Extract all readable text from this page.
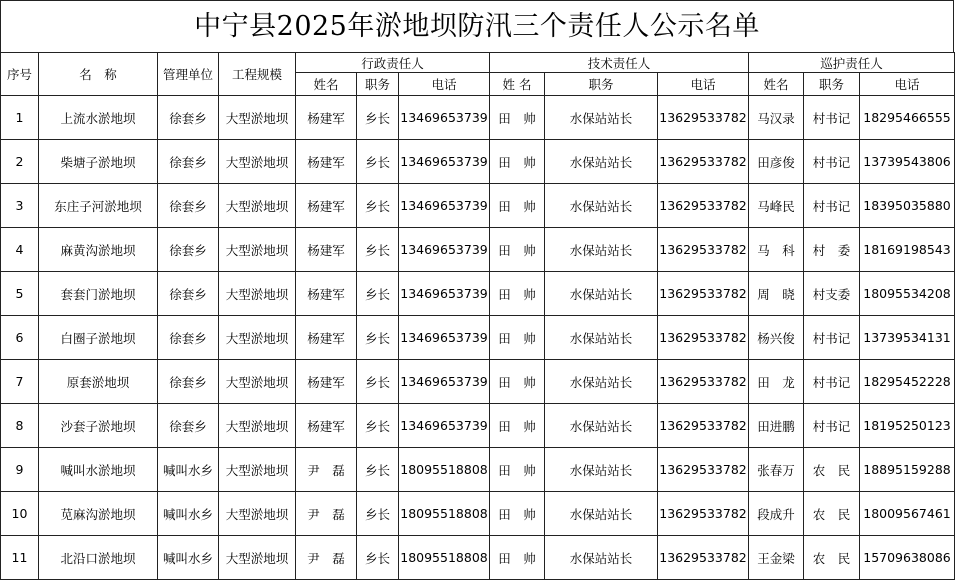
中宁县2025年淤地坝防汛三个责任人公示名单
序号	名　称	管理单位	工程规模	行政责任人			技术责任人			巡护责任人		
				姓名	职务	电话	姓 名	职务	电话	姓名	职务	电话
1	上流水淤地坝	徐套乡	大型淤地坝	杨建军	乡长	13469653739	田　帅	水保站站长	13629533782	马汉录	村书记	18295466555
2	柴塘子淤地坝	徐套乡	大型淤地坝	杨建军	乡长	13469653739	田　帅	水保站站长	13629533782	田彦俊	村书记	13739543806
3	东庄子河淤地坝	徐套乡	大型淤地坝	杨建军	乡长	13469653739	田　帅	水保站站长	13629533782	马峰民	村书记	18395035880
4	麻黄沟淤地坝	徐套乡	大型淤地坝	杨建军	乡长	13469653739	田　帅	水保站站长	13629533782	马　科	村　委	18169198543
5	套套门淤地坝	徐套乡	大型淤地坝	杨建军	乡长	13469653739	田　帅	水保站站长	13629533782	周　晓	村支委	18095534208
6	白圈子淤地坝	徐套乡	大型淤地坝	杨建军	乡长	13469653739	田　帅	水保站站长	13629533782	杨兴俊	村书记	13739534131
7	原套淤地坝	徐套乡	大型淤地坝	杨建军	乡长	13469653739	田　帅	水保站站长	13629533782	田　龙	村书记	18295452228
8	沙套子淤地坝	徐套乡	大型淤地坝	杨建军	乡长	13469653739	田　帅	水保站站长	13629533782	田进鹏	村书记	18195250123
9	喊叫水淤地坝	喊叫水乡	大型淤地坝	尹　磊	乡长	18095518808	田　帅	水保站站长	13629533782	张春万	农　民	18895159288
10	苋麻沟淤地坝	喊叫水乡	大型淤地坝	尹　磊	乡长	18095518808	田　帅	水保站站长	13629533782	段成升	农　民	18009567461
11	北沿口淤地坝	喊叫水乡	大型淤地坝	尹　磊	乡长	18095518808	田　帅	水保站站长	13629533782	王金梁	农　民	15709638086
